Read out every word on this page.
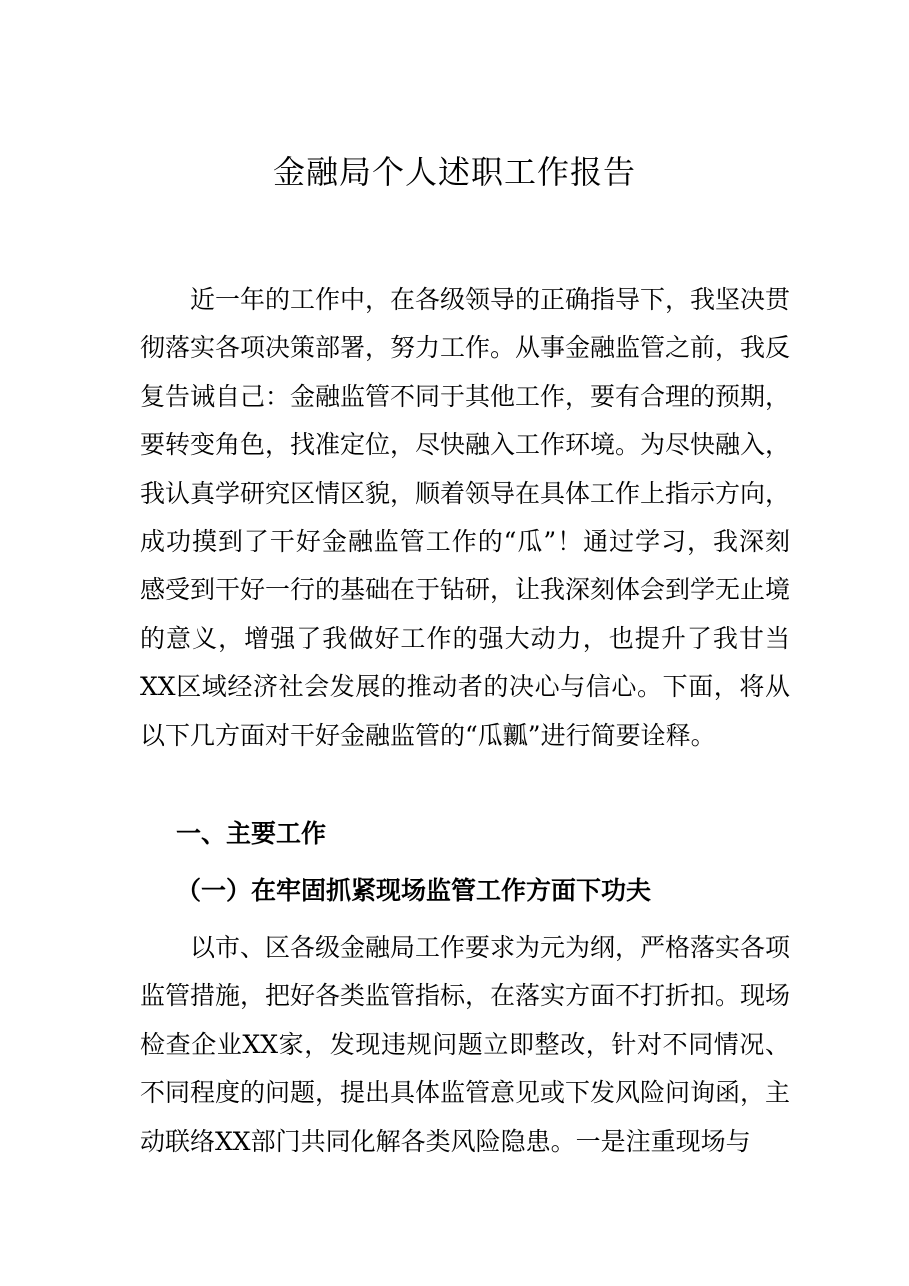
金融局个人述职工作报告

近一年的工作中，在各级领导的正确指导下，我坚决贯彻落实各项决策部署，努力工作。从事金融监管之前，我反复告诫自己：金融监管不同于其他工作，要有合理的预期，要转变角色，找准定位，尽快融入工作环境。为尽快融入，我认真学研究区情区貌，顺着领导在具体工作上指示方向，成功摸到了干好金融监管工作的“瓜”！通过学习，我深刻感受到干好一行的基础在于钻研，让我深刻体会到学无止境的意义，增强了我做好工作的强大动力，也提升了我甘当XX区域经济社会发展的推动者的决心与信心。下面，将从以下几方面对干好金融监管的“瓜瓤”进行简要诠释。

一、主要工作
（一）在牢固抓紧现场监管工作方面下功夫

以市、区各级金融局工作要求为元为纲，严格落实各项监管措施，把好各类监管指标，在落实方面不打折扣。现场检查企业XX家，发现违规问题立即整改，针对不同情况、不同程度的问题，提出具体监管意见或下发风险问询函，主动联络XX部门共同化解各类风险隐患。一是注重现场与
